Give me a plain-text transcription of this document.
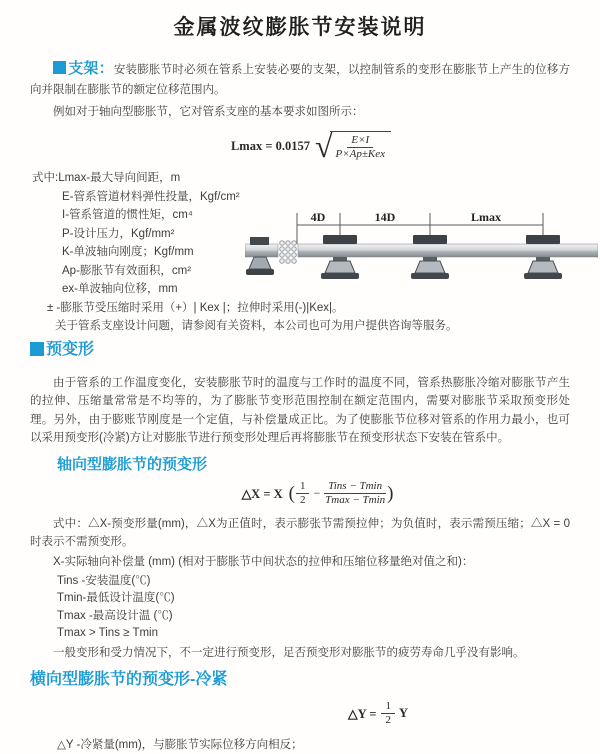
金属波纹膨胀节安装说明

支架：安装膨胀节时必须在管系上安装必要的支架，以控制管系的变形在膨胀节上产生的位移方向并限制在膨胀节的额定位移范围内。

例如对于轴向型膨胀节，它对管系支座的基本要求如图所示：

Lmax = 0.0157 √ $\frac{E\times I}{\text{P×Ap±Kex}}$

式中:Lmax-最大导向间距，m

E-管系管道材料弹性投量，Kgf/cm²

I-管系管道的惯性矩，cm⁴

P-设计压力，Kgf/mm²

K-单波轴向刚度；Kgf/mm

Ap-膨胀节有效面积，cm²

ex-单波轴向位移，mm

± -膨胀节受压缩时采用（+）| Kex |；拉伸时采用(-)|Kex|。

关于管系支座设计问题，请参阅有关资料，本公司也可为用户提供咨询等服务。

4D	14D	Lmax
预变形

由于管系的工作温度变化，安装膨胀节时的温度与工作时的温度不同，管系热膨胀冷缩对膨胀节产生的拉伸、压缩量常常是不均等的，为了膨胀节变形范围控制在额定范围内，需要对膨胀节采取预变形处理。另外，由于膨账节刚度是一个定值，与补偿量成正比。为了使膨胀节位移对管系的作用力最小，也可以采用预变形(冷紧)方让对膨胀节进行预变形处理后再将膨胀节在预变形状态下安装在管系中。

轴向型膨胀节的预变形
△X = X ( $\frac{1}{2} - \frac{\text{Tins − Tmin}}{Tmax - Tmin}$ )

式中：△X-预变形量(mm)，△X为正值时，表示膨张节需预拉伸；为负值时，表示需预压缩；△X = 0时表示不需预变形。

X-实际轴向补偿量 (mm) (相对于膨胀节中间状态的拉伸和压缩位移量绝对值之和)：

Tins -安装温度(℃)

Tmin-最低设计温度(℃)

Tmax -最高设计温 (℃)

Tmax > Tins ≥ Tmin

一般变形和受力情况下，不一定进行预变形，足否预变形对膨胀节的疲劳寿命几乎没有影响。

横向型膨胀节的预变形-冷紧
△Y = $\frac{1}{2}$ Y

△Y -冷紧量(mm)，与膨胀节实际位移方向相反；
